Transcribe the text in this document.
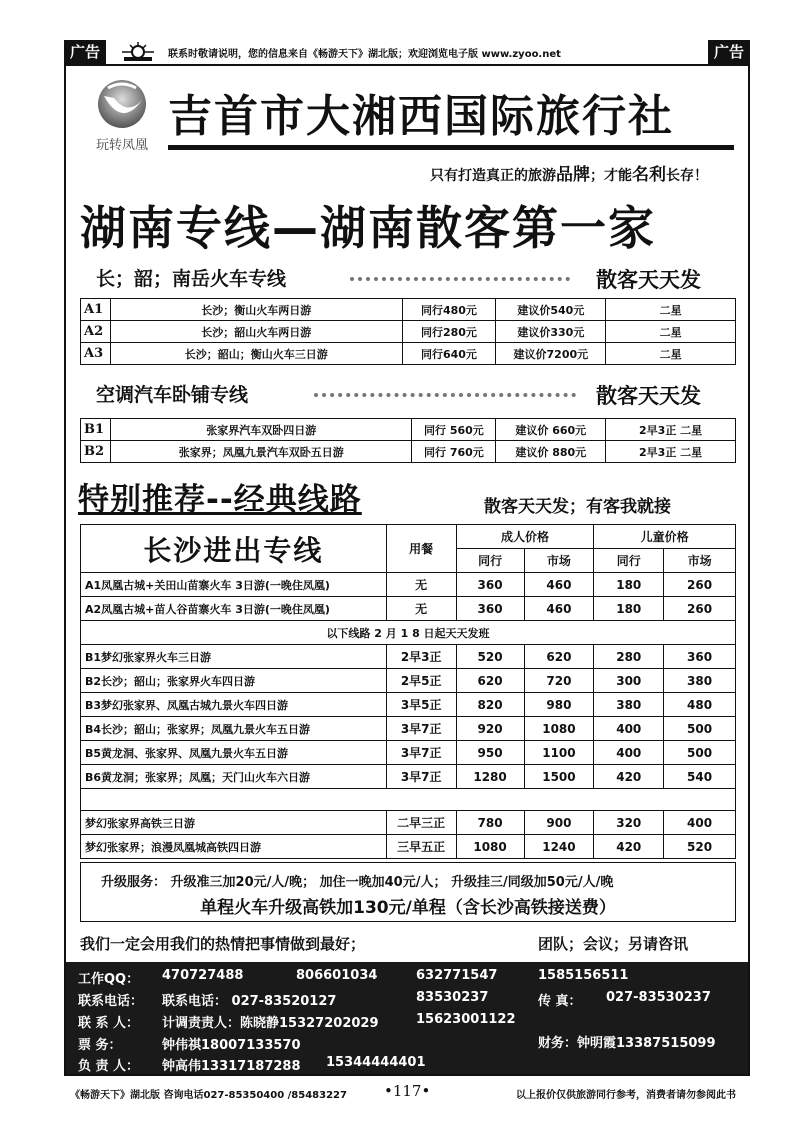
广告	联系时敬请说明，您的信息来自《畅游天下》湖北版；欢迎浏览电子版 www.zyoo.net	广告
玩转凤凰
吉首市大湘西国际旅行社
只有打造真正的旅游品牌；才能名利长存！
湖南专线—湖南散客第一家
长；韶；南岳火车专线	散客天天发
A1	长沙；衡山火车两日游	同行480元	建议价540元	二星
A2	长沙；韶山火车两日游	同行280元	建议价330元	二星
A3	长沙；韶山；衡山火车三日游	同行640元	建议价7200元	二星
空调汽车卧铺专线	散客天天发
B1	张家界汽车双卧四日游	同行 560元	建议价 660元	2早3正 二星
B2	张家界；凤凰九景汽车双卧五日游	同行 760元	建议价 880元	2早3正 二星
特别推荐--经典线路	散客天天发；有客我就接
长沙进出专线	用餐	成人价格		儿童价格	
		同行	市场	同行	市场
A1凤凰古城+关田山苗寨火车 3日游(一晚住凤凰)	无	360	460	180	260
A2凤凰古城+苗人谷苗寨火车 3日游(一晚住凤凰)	无	360	460	180	260
以下线路 2 月 1 8 日起天天发班					
B1梦幻张家界火车三日游	2早3正	520	620	280	360
B2长沙；韶山；张家界火车四日游	2早5正	620	720	300	380
B3梦幻张家界、凤凰古城九景火车四日游	3早5正	820	980	380	480
B4长沙；韶山；张家界；凤凰九景火车五日游	3早7正	920	1080	400	500
B5黄龙洞、张家界、凤凰九景火车五日游	3早7正	950	1100	400	500
B6黄龙洞；张家界；凤凰；天门山火车六日游	3早7正	1280	1500	420	540

梦幻张家界高铁三日游	二早三正	780	900	320	400
梦幻张家界；浪漫凤凰城高铁四日游	三早五正	1080	1240	420	520
升级服务： 升级准三加20元/人/晚； 加住一晚加40元/人； 升级挂三/同级加50元/人/晚
单程火车升级高铁加130元/单程（含长沙高铁接送费）
我们一定会用我们的热情把事情做到最好；	团队；会议；另请咨讯
工作QQ： 470727488	806601034	632771547	1585156511
联系电话： 联系电话： 027-83520127	83530237	传 真： 027-83530237
联 系 人： 计调责责人：陈晓静15327202029	15623001122
票 务：	钟伟祺18007133570	财务：钟明霞13387515099
负 责 人： 钟高伟13317187288 15344444401
《畅游天下》湖北版 咨询电话027-85350400 /85483227 •117•	以上报价仅供旅游同行参考，消费者请勿参阅此书
